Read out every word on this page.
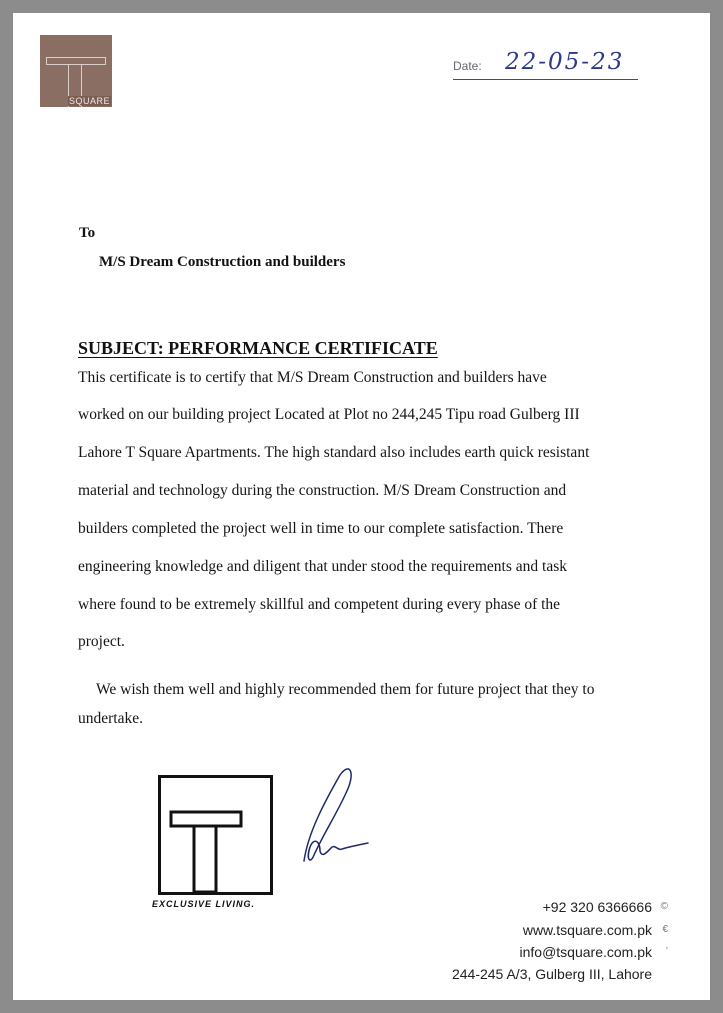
SQUARE
Date: 22-05-23
To
M/S Dream Construction and builders
SUBJECT: PERFORMANCE CERTIFICATE
This certificate is to certify that M/S Dream Construction and builders have
worked on our building project Located at Plot no 244,245 Tipu road Gulberg III
Lahore T Square Apartments. The high standard also includes earth quick resistant
material and technology during the construction. M/S Dream Construction and
builders completed the project well in time to our complete satisfaction. There
engineering knowledge and diligent that under stood the requirements and task
where found to be extremely skillful and competent during every phase of the
project.
We wish them well and highly recommended them for future project that they to
undertake.
EXCLUSIVE LIVING.	+92 320 6366666
www.tsquare.com.pk
info@tsquare.com.pk
244-245 A/3, Gulberg III, Lahore
©
€
’
